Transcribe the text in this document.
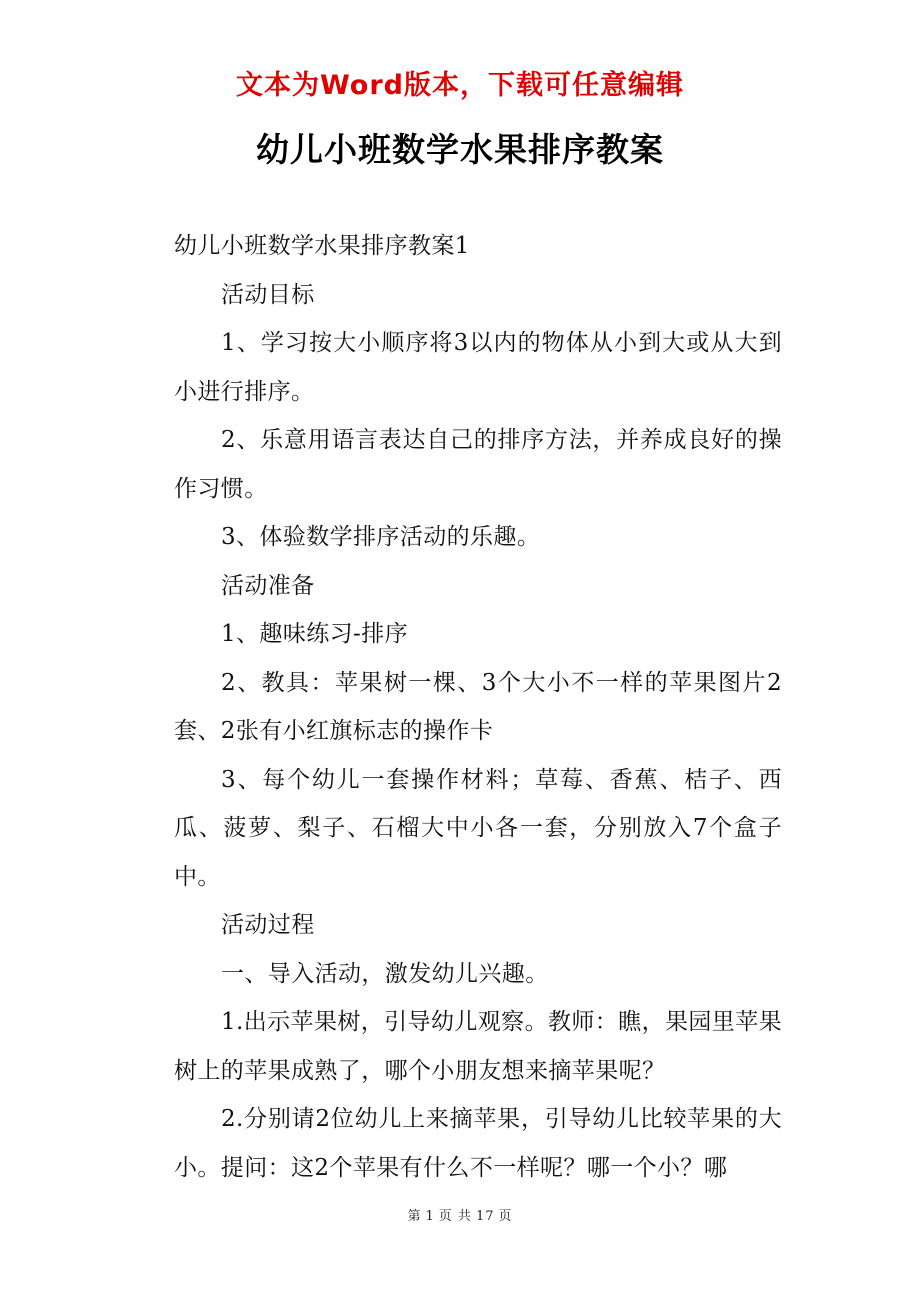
文本为Word版本，下载可任意编辑
幼儿小班数学水果排序教案

幼儿小班数学水果排序教案1

活动目标

1、学习按大小顺序将3以内的物体从小到大或从大到小进行排序。

2、乐意用语言表达自己的排序方法，并养成良好的操作习惯。

3、体验数学排序活动的乐趣。

活动准备

1、趣味练习-排序

2、教具：苹果树一棵、3个大小不一样的苹果图片2套、2张有小红旗标志的操作卡

3、每个幼儿一套操作材料；草莓、香蕉、桔子、西瓜、菠萝、梨子、石榴大中小各一套，分别放入7个盒子中。

活动过程

一、导入活动，激发幼儿兴趣。

1.出示苹果树，引导幼儿观察。教师：瞧，果园里苹果树上的苹果成熟了，哪个小朋友想来摘苹果呢？

2.分别请2位幼儿上来摘苹果，引导幼儿比较苹果的大小。提问：这2个苹果有什么不一样呢？哪一个小？哪

第 1 页 共 17 页
